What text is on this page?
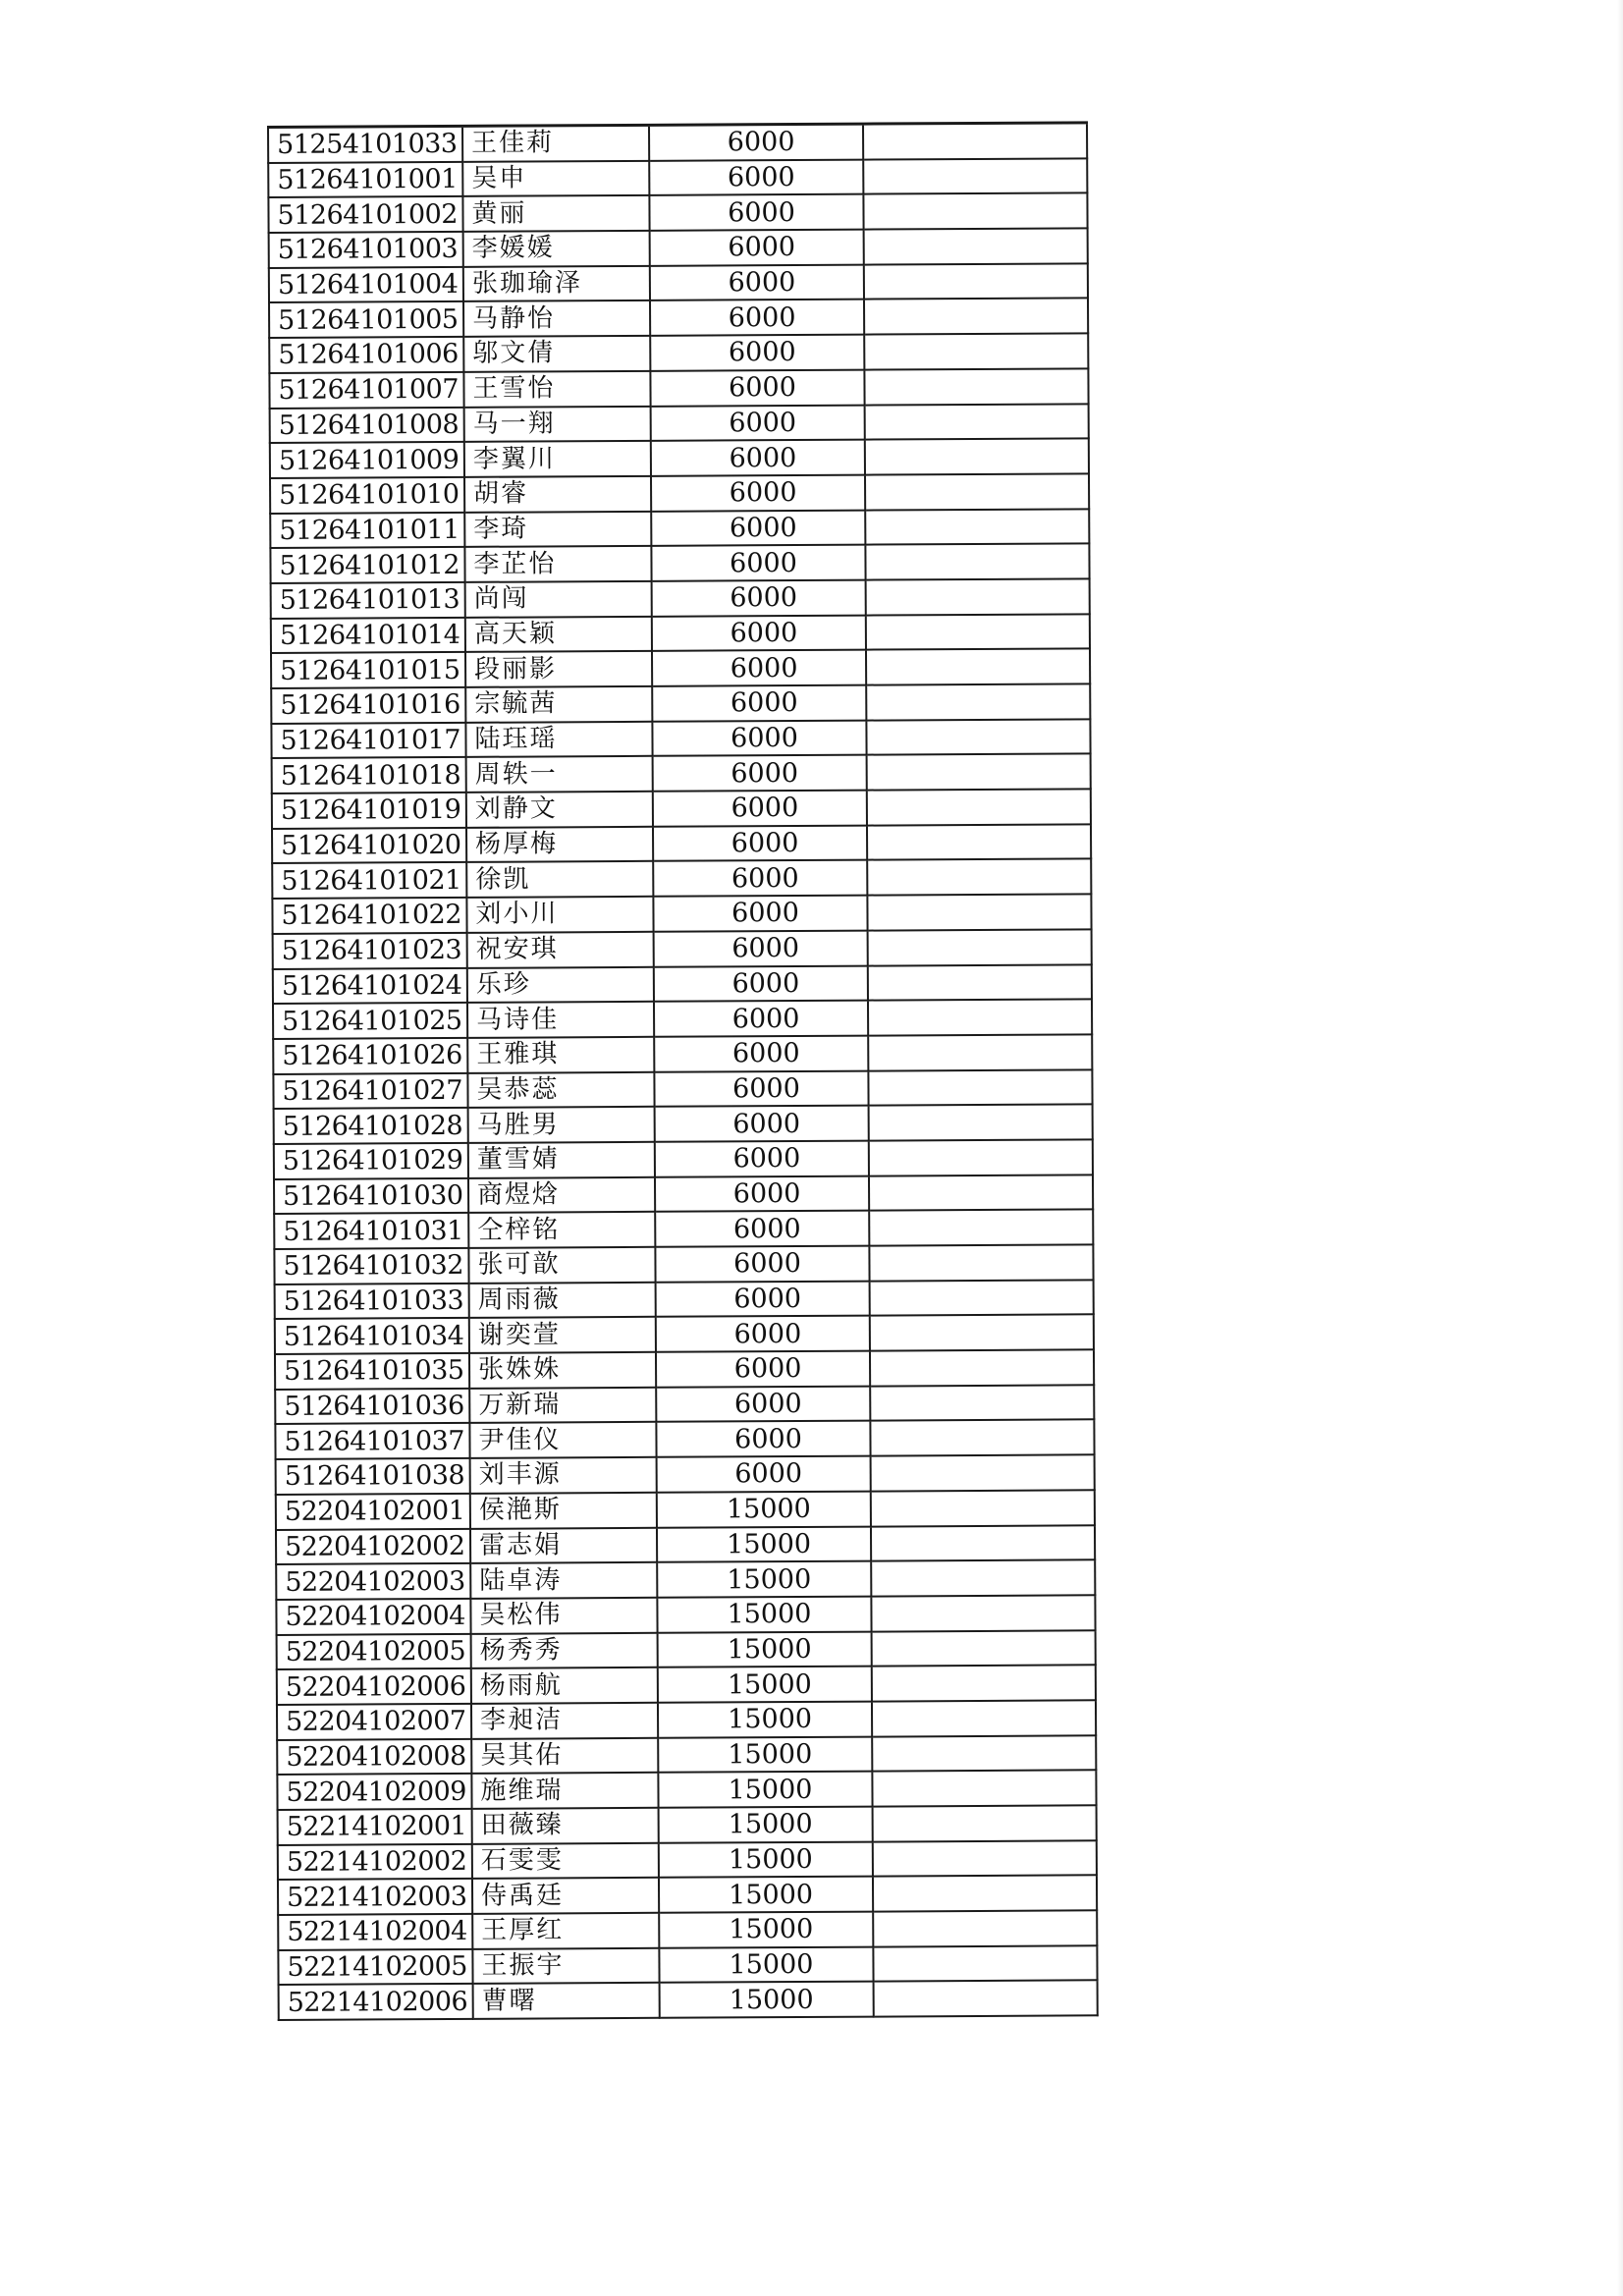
51254101033	王佳莉	6000	
51264101001	吴申	6000	
51264101002	黄丽	6000	
51264101003	李媛媛	6000	
51264101004	张珈瑜泽	6000	
51264101005	马静怡	6000	
51264101006	邬文倩	6000	
51264101007	王雪怡	6000	
51264101008	马一翔	6000	
51264101009	李翼川	6000	
51264101010	胡睿	6000	
51264101011	李琦	6000	
51264101012	李芷怡	6000	
51264101013	尚闯	6000	
51264101014	高天颖	6000	
51264101015	段丽影	6000	
51264101016	宗毓茜	6000	
51264101017	陆珏瑶	6000	
51264101018	周轶一	6000	
51264101019	刘静文	6000	
51264101020	杨厚梅	6000	
51264101021	徐凯	6000	
51264101022	刘小川	6000	
51264101023	祝安琪	6000	
51264101024	乐珍	6000	
51264101025	马诗佳	6000	
51264101026	王雅琪	6000	
51264101027	吴恭蕊	6000	
51264101028	马胜男	6000	
51264101029	董雪婧	6000	
51264101030	商煜焓	6000	
51264101031	仝梓铭	6000	
51264101032	张可歆	6000	
51264101033	周雨薇	6000	
51264101034	谢奕萱	6000	
51264101035	张姝姝	6000	
51264101036	万新瑞	6000	
51264101037	尹佳仪	6000	
51264101038	刘丰源	6000	
52204102001	侯滟斯	15000	
52204102002	雷志娟	15000	
52204102003	陆卓涛	15000	
52204102004	吴松伟	15000	
52204102005	杨秀秀	15000	
52204102006	杨雨航	15000	
52204102007	李昶洁	15000	
52204102008	吴其佑	15000	
52204102009	施维瑞	15000	
52214102001	田薇臻	15000	
52214102002	石雯雯	15000	
52214102003	侍禹廷	15000	
52214102004	王厚红	15000	
52214102005	王振宇	15000	
52214102006	曹曙	15000	
